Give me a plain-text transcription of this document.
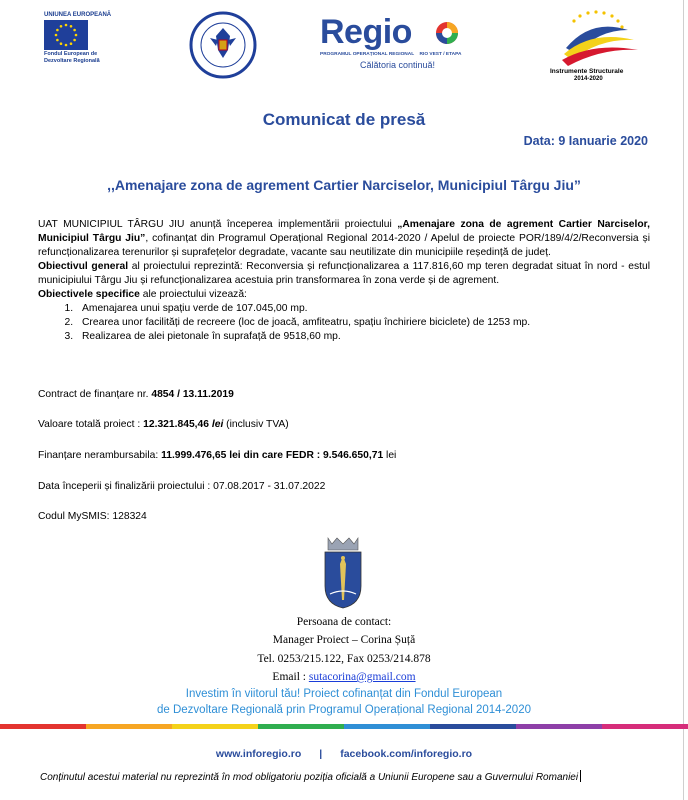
UNIUNEA EUROPEANĂ
Fondul European de Dezvoltare Regională
Regio
PROGRAMUL OPERAȚIONAL REGIONAL RIO VEST / ETAPA
Călătoria continuă!
Instrumente Structurale
2014-2020
Comunicat de presă
Data: 9 Ianuarie 2020
,,Amenajare zona de agrement Cartier Narciselor, Municipiul Târgu Jiu”

UAT MUNICIPIUL TÂRGU JIU anunță începerea implementării proiectului „Amenajare zona de agrement Cartier Narciselor, Municipiul Târgu Jiu”, cofinanțat din Programul Operațional Regional 2014-2020 / Apelul de proiecte POR/189/4/2/Reconversia și refuncționalizarea terenurilor și suprafețelor degradate, vacante sau neutilizate din municipiile reședință de județ.

Obiectivul general al proiectului reprezintă: Reconversia și refuncționalizarea a 117.816,60 mp teren degradat situat în nord - estul municipiului Târgu Jiu și refuncționalizarea acestuia prin transformarea în zona verde și de agrement.

Obiectivele specifice ale proiectului vizează:

1. Amenajarea unui spațiu verde de 107.045,00 mp.
2. Crearea unor facilități de recreere (loc de joacă, amfiteatru, spațiu închiriere biciclete) de 1253 mp.
3. Realizarea de alei pietonale în suprafață de 9518,60 mp.
Contract de finanțare nr. 4854 / 13.11.2019
Valoare totală proiect : 12.321.845,46 lei (inclusiv TVA)
Finanțare nerambursabila: 11.999.476,65 lei din care FEDR : 9.546.650,71 lei
Data începerii și finalizării proiectului : 07.08.2017 - 31.07.2022
Codul MySMIS: 128324
Persoana de contact:
Manager Proiect – Corina Șuță
Tel. 0253/215.122, Fax 0253/214.878
Email : sutacorina@gmail.com
Investim în viitorul tău! Proiect cofinanțat din Fondul European
de Dezvoltare Regională prin Programul Operațional Regional 2014-2020
www.inforegio.ro | facebook.com/inforegio.ro
Conținutul acestui material nu reprezintă în mod obligatoriu poziția oficială a Uniunii Europene sau a Guvernului Romaniei
